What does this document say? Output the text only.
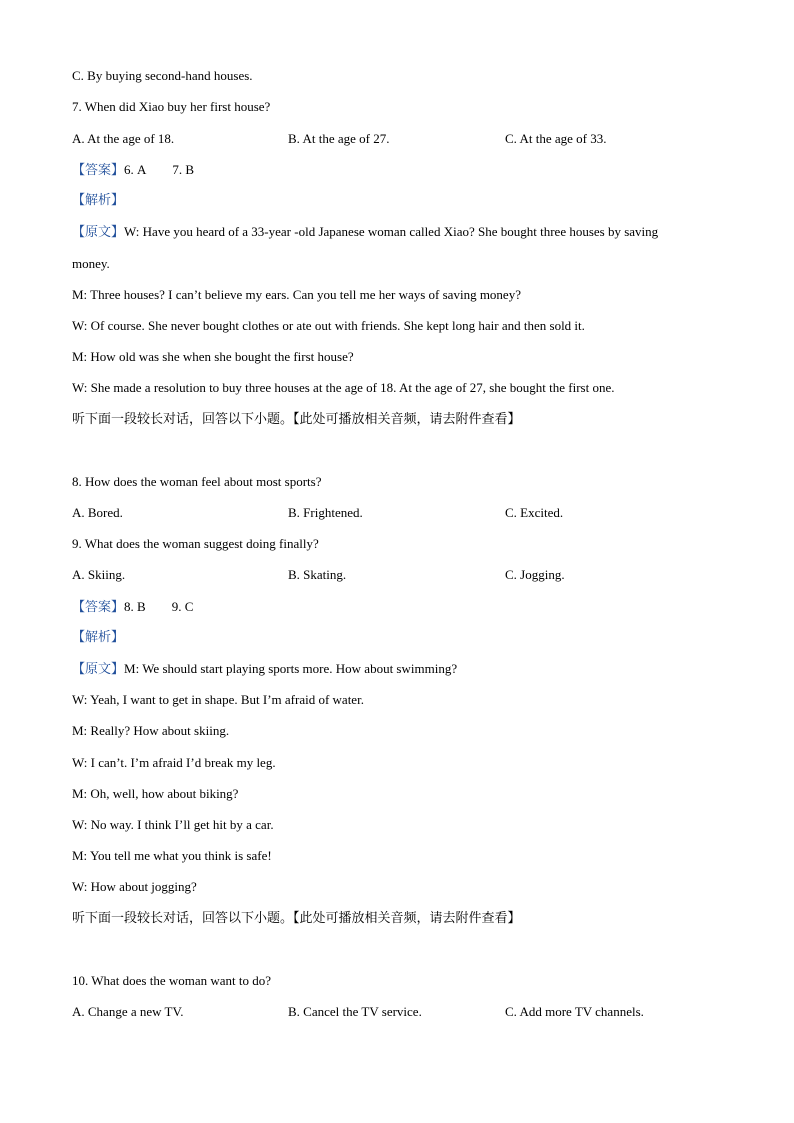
C. By buying second-hand houses.
7. When did Xiao buy her first house?
A. At the age of 18.	B. At the age of 27.	C. At the age of 33.
【答案】6. A 7. B
【解析】
【原文】W: Have you heard of a 33-year -old Japanese woman called Xiao? She bought three houses by saving
money.
M: Three houses? I can’t believe my ears. Can you tell me her ways of saving money?
W: Of course. She never bought clothes or ate out with friends. She kept long hair and then sold it.
M: How old was she when she bought the first house?
W: She made a resolution to buy three houses at the age of 18. At the age of 27, she bought the first one.
听下面一段较长对话，回答以下小题。【此处可播放相关音频，请去附件查看】
8. How does the woman feel about most sports?
A. Bored.	B. Frightened.	C. Excited.
9. What does the woman suggest doing finally?
A. Skiing.	B. Skating.	C. Jogging.
【答案】8. B 9. C
【解析】
【原文】M: We should start playing sports more. How about swimming?
W: Yeah, I want to get in shape. But I’m afraid of water.
M: Really? How about skiing.
W: I can’t. I’m afraid I’d break my leg.
M: Oh, well, how about biking?
W: No way. I think I’ll get hit by a car.
M: You tell me what you think is safe!
W: How about jogging?
听下面一段较长对话，回答以下小题。【此处可播放相关音频，请去附件查看】
10. What does the woman want to do?
A. Change a new TV.	B. Cancel the TV service.	C. Add more TV channels.
